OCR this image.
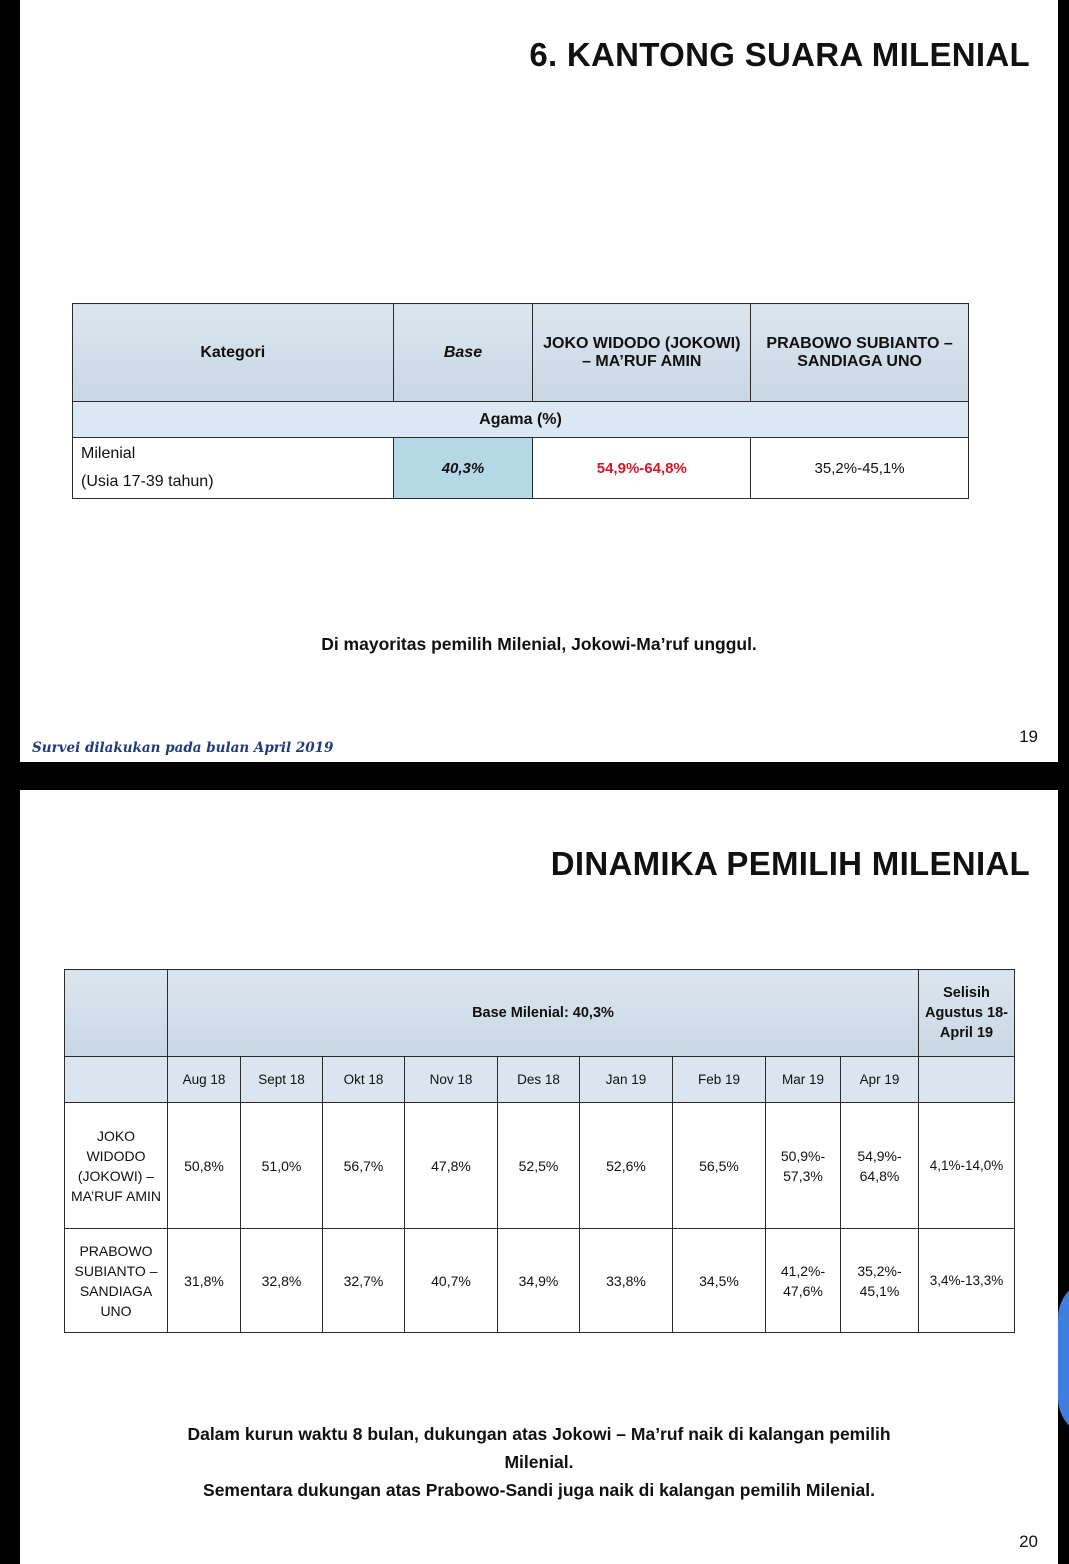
6. KANTONG SUARA MILENIAL
Kategori	Base	JOKO WIDODO (JOKOWI) – MA’RUF AMIN	PRABOWO SUBIANTO – SANDIAGA UNO
Agama (%)			

Milenial
(Usia 17-39 tahun)	40,3%	54,9%-64,8%	35,2%-45,1%
Di mayoritas pemilih Milenial, Jokowi-Ma’ruf unggul.
Survei dilakukan pada bulan April 2019
19
DINAMIKA PEMILIH MILENIAL
	Base Milenial: 40,3%									Selisih Agustus 18-April 19
	Aug 18	Sept 18	Okt 18	Nov 18	Des 18	Jan 19	Feb 19	Mar 19	Apr 19	
JOKO WIDODO (JOKOWI) – MA’RUF AMIN	50,8%	51,0%	56,7%	47,8%	52,5%	52,6%	56,5%	50,9%- 57,3%	54,9%- 64,8%	4,1%-14,0%
PRABOWO SUBIANTO – SANDIAGA UNO	31,8%	32,8%	32,7%	40,7%	34,9%	33,8%	34,5%	41,2%- 47,6%	35,2%- 45,1%	3,4%-13,3%
Dalam kurun waktu 8 bulan, dukungan atas Jokowi – Ma’ruf naik di kalangan pemilih
Milenial.
Sementara dukungan atas Prabowo-Sandi juga naik di kalangan pemilih Milenial.
20
